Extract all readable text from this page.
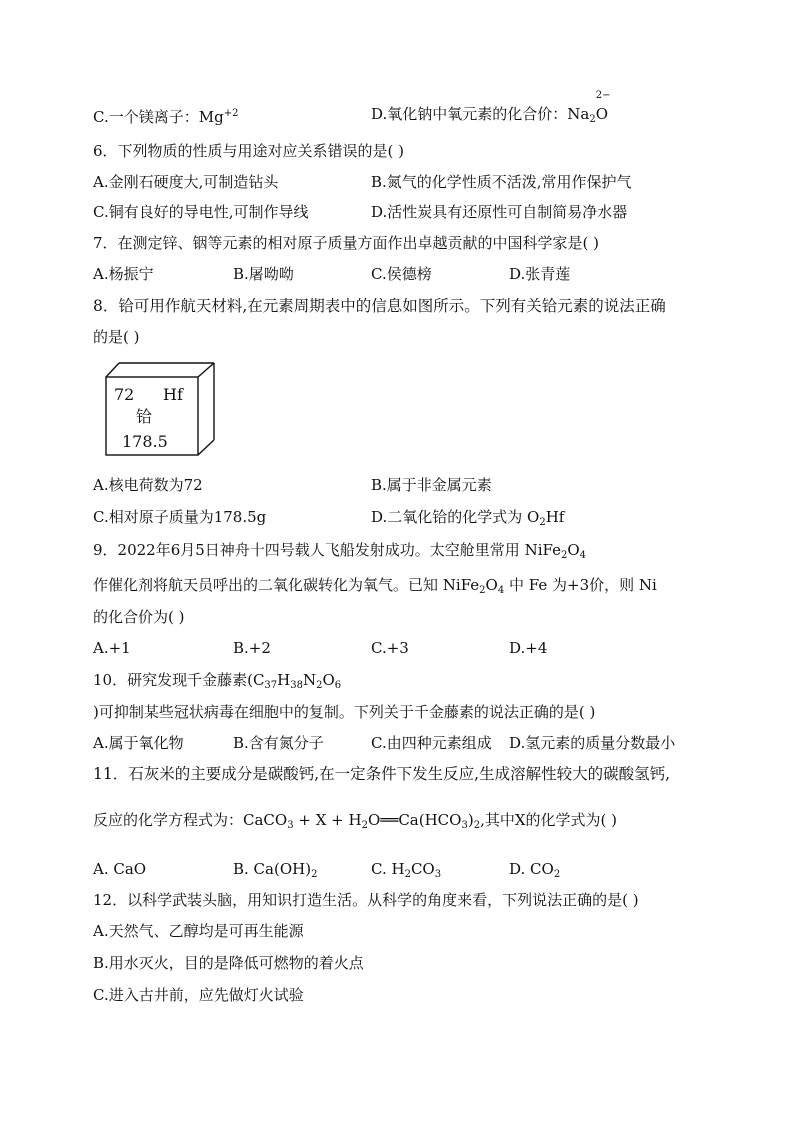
C.一个镁离子：$Mg^{+2}$	D.氧化钠中氧元素的化合价：$Na_2$
2−
O
6．下列物质的性质与用途对应关系错误的是( )
A.金刚石硬度大,可制造钻头	B.氮气的化学性质不活泼,常用作保护气
C.铜有良好的导电性,可制作导线	D.活性炭具有还原性可自制简易净水器
7．在测定锌、铟等元素的相对原子质量方面作出卓越贡献的中国科学家是( )
A.杨振宁	B.屠呦呦	C.侯德榜	D.张青莲
8．铪可用作航天材料,在元素周期表中的信息如图所示。下列有关铪元素的说法正确
的是( )
72 Hf
铪
178.5
A.核电荷数为72	B.属于非金属元素
C.相对原子质量为178.5g	D.二氧化铪的化学式为 $O_2Hf$
9．2022年6月5日神舟十四号载人飞船发射成功。太空舱里常用 $NiFe_2O_4$
作催化剂将航天员呼出的二氧化碳转化为氧气。已知 $NiFe_2O_4$ 中 Fe 为+3价，则 Ni
的化合价为( )
A.+1	B.+2	C.+3	D.+4
10．研究发现千金藤素($C_{37}H_{38}N_2O_6$
)可抑制某些冠状病毒在细胞中的复制。下列关于千金藤素的说法正确的是( )
A.属于氧化物	B.含有氮分子	C.由四种元素组成 D.氢元素的质量分数最小
11．石灰米的主要成分是碳酸钙,在一定条件下发生反应,生成溶解性较大的碳酸氢钙,
反应的化学方程式为：CaCO$_3$ + $X + H_2O══Ca(HCO_3)_2$,其中X的化学式为( )
A. CaO	B. $Ca(OH)_2$	C. $H_2CO_3$	D. $CO_2$
12．以科学武装头脑，用知识打造生活。从科学的角度来看，下列说法正确的是( )
A.天然气、乙醇均是可再生能源
B.用水灭火，目的是降低可燃物的着火点
C.进入古井前，应先做灯火试验
